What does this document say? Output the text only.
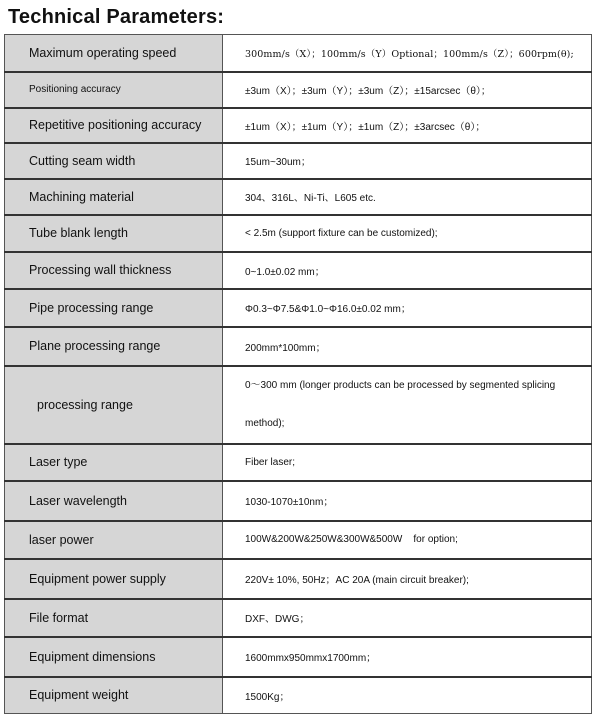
Technical Parameters:
Maximum operating speed	300mm/s（X）；100mm/s（Y）Optional；100mm/s（Z）；600rpm(θ);
Positioning accuracy	±3um（X）；±3um（Y）；±3um（Z）；±15arcsec（θ）；
Repetitive positioning accuracy	±1um（X）；±1um（Y）；±1um（Z）；±3arcsec（θ）；
Cutting seam width	15um~30um；
Machining material	304、316L、Ni-Ti、L605 etc.
Tube blank length	< 2.5m (support fixture can be customized);
Processing wall thickness	0~1.0±0.02 mm；
Pipe processing range	Φ0.3~Φ7.5&Φ1.0~Φ16.0±0.02 mm；
Plane processing range	200mm*100mm；
processing range	0～300 mm (longer products can be processed by segmented splicing method);
Laser type	Fiber laser;
Laser wavelength	1030-1070±10nm；
laser power	100W&200W&250W&300W&500W    for option;
Equipment power supply	220V± 10%, 50Hz；AC 20A (main circuit breaker);
File format	DXF、DWG；
Equipment dimensions	1600mmx950mmx1700mm；
Equipment weight	1500Kg；
